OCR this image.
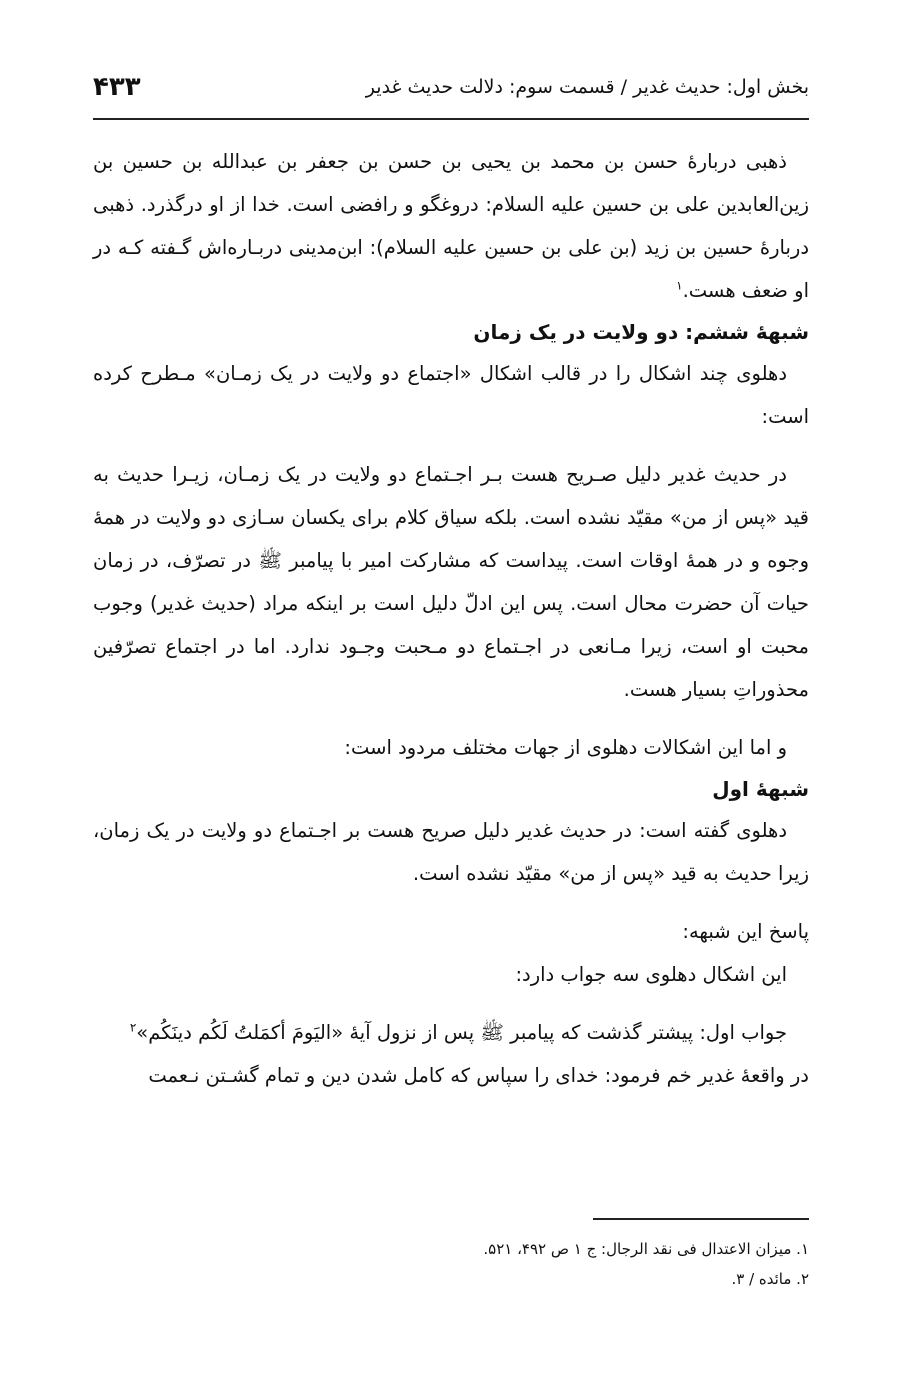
بخش اول: حدیث غدیر / قسمت سوم: دلالت حدیث غدیر
۴۳۳

ذهبی دربارۀ حسن بن محمد بن یحیی بن حسن بن جعفر بن عبدالله بن حسین بن زین‌العابدین علی بن حسین علیه السلام: دروغگو و رافضی است. خدا از او درگذرد. ذهبی دربارۀ حسین بن زید (بن علی بن حسین علیه السلام): ابن‌مدینی دربـاره‌اش گـفته کـه در او ضعف هست.$^۱$

شبهۀ ششم: دو ولایت در یک زمان

دهلوی چند اشکال را در قالب اشکال «اجتماع دو ولایت در یک زمـان» مـطرح کرده است:

در حدیث غدیر دلیل صـریح هست بـر اجـتماع دو ولایت در یک زمـان، زیـرا حدیث به قید «پس از من» مقیّد نشده است. بلکه سیاق کلام برای یکسان سـازی دو ولایت در همۀ وجوه و در همۀ اوقات است. پیداست که مشارکت امیر با پیامبر ﷺ در تصرّف، در زمان حیات آن حضرت محال است. پس این ادلّ دلیل است بر اینکه مراد (حدیث غدیر) وجوب محبت او است، زیرا مـانعی در اجـتماع دو مـحبت وجـود ندارد. اما در اجتماع تصرّفین محذوراتِ بسیار هست.

و اما این اشکالات دهلوی از جهات مختلف مردود است:

شبهۀ اول

دهلوی گفته است: در حدیث غدیر دلیل صریح هست بر اجـتماع دو ولایت در یک زمان، زیرا حدیث به قید «پس از من» مقیّد نشده است.

پاسخ این شبهه:

این اشکال دهلوی سه جواب دارد:

جواب اول: پیشتر گذشت که پیامبر ﷺ پس از نزول آیۀ «الیَومَ أکمَلتُ لَکُم دینَکُم»$^۲$

در واقعۀ غدیر خم فرمود: خدای را سپاس که کامل شدن دین و تمام گشـتن نـعمت

۱. میزان الاعتدال فی نقد الرجال: ج ۱ ص ۴۹۲، ۵۲۱.

۲. مائده / ۳.
